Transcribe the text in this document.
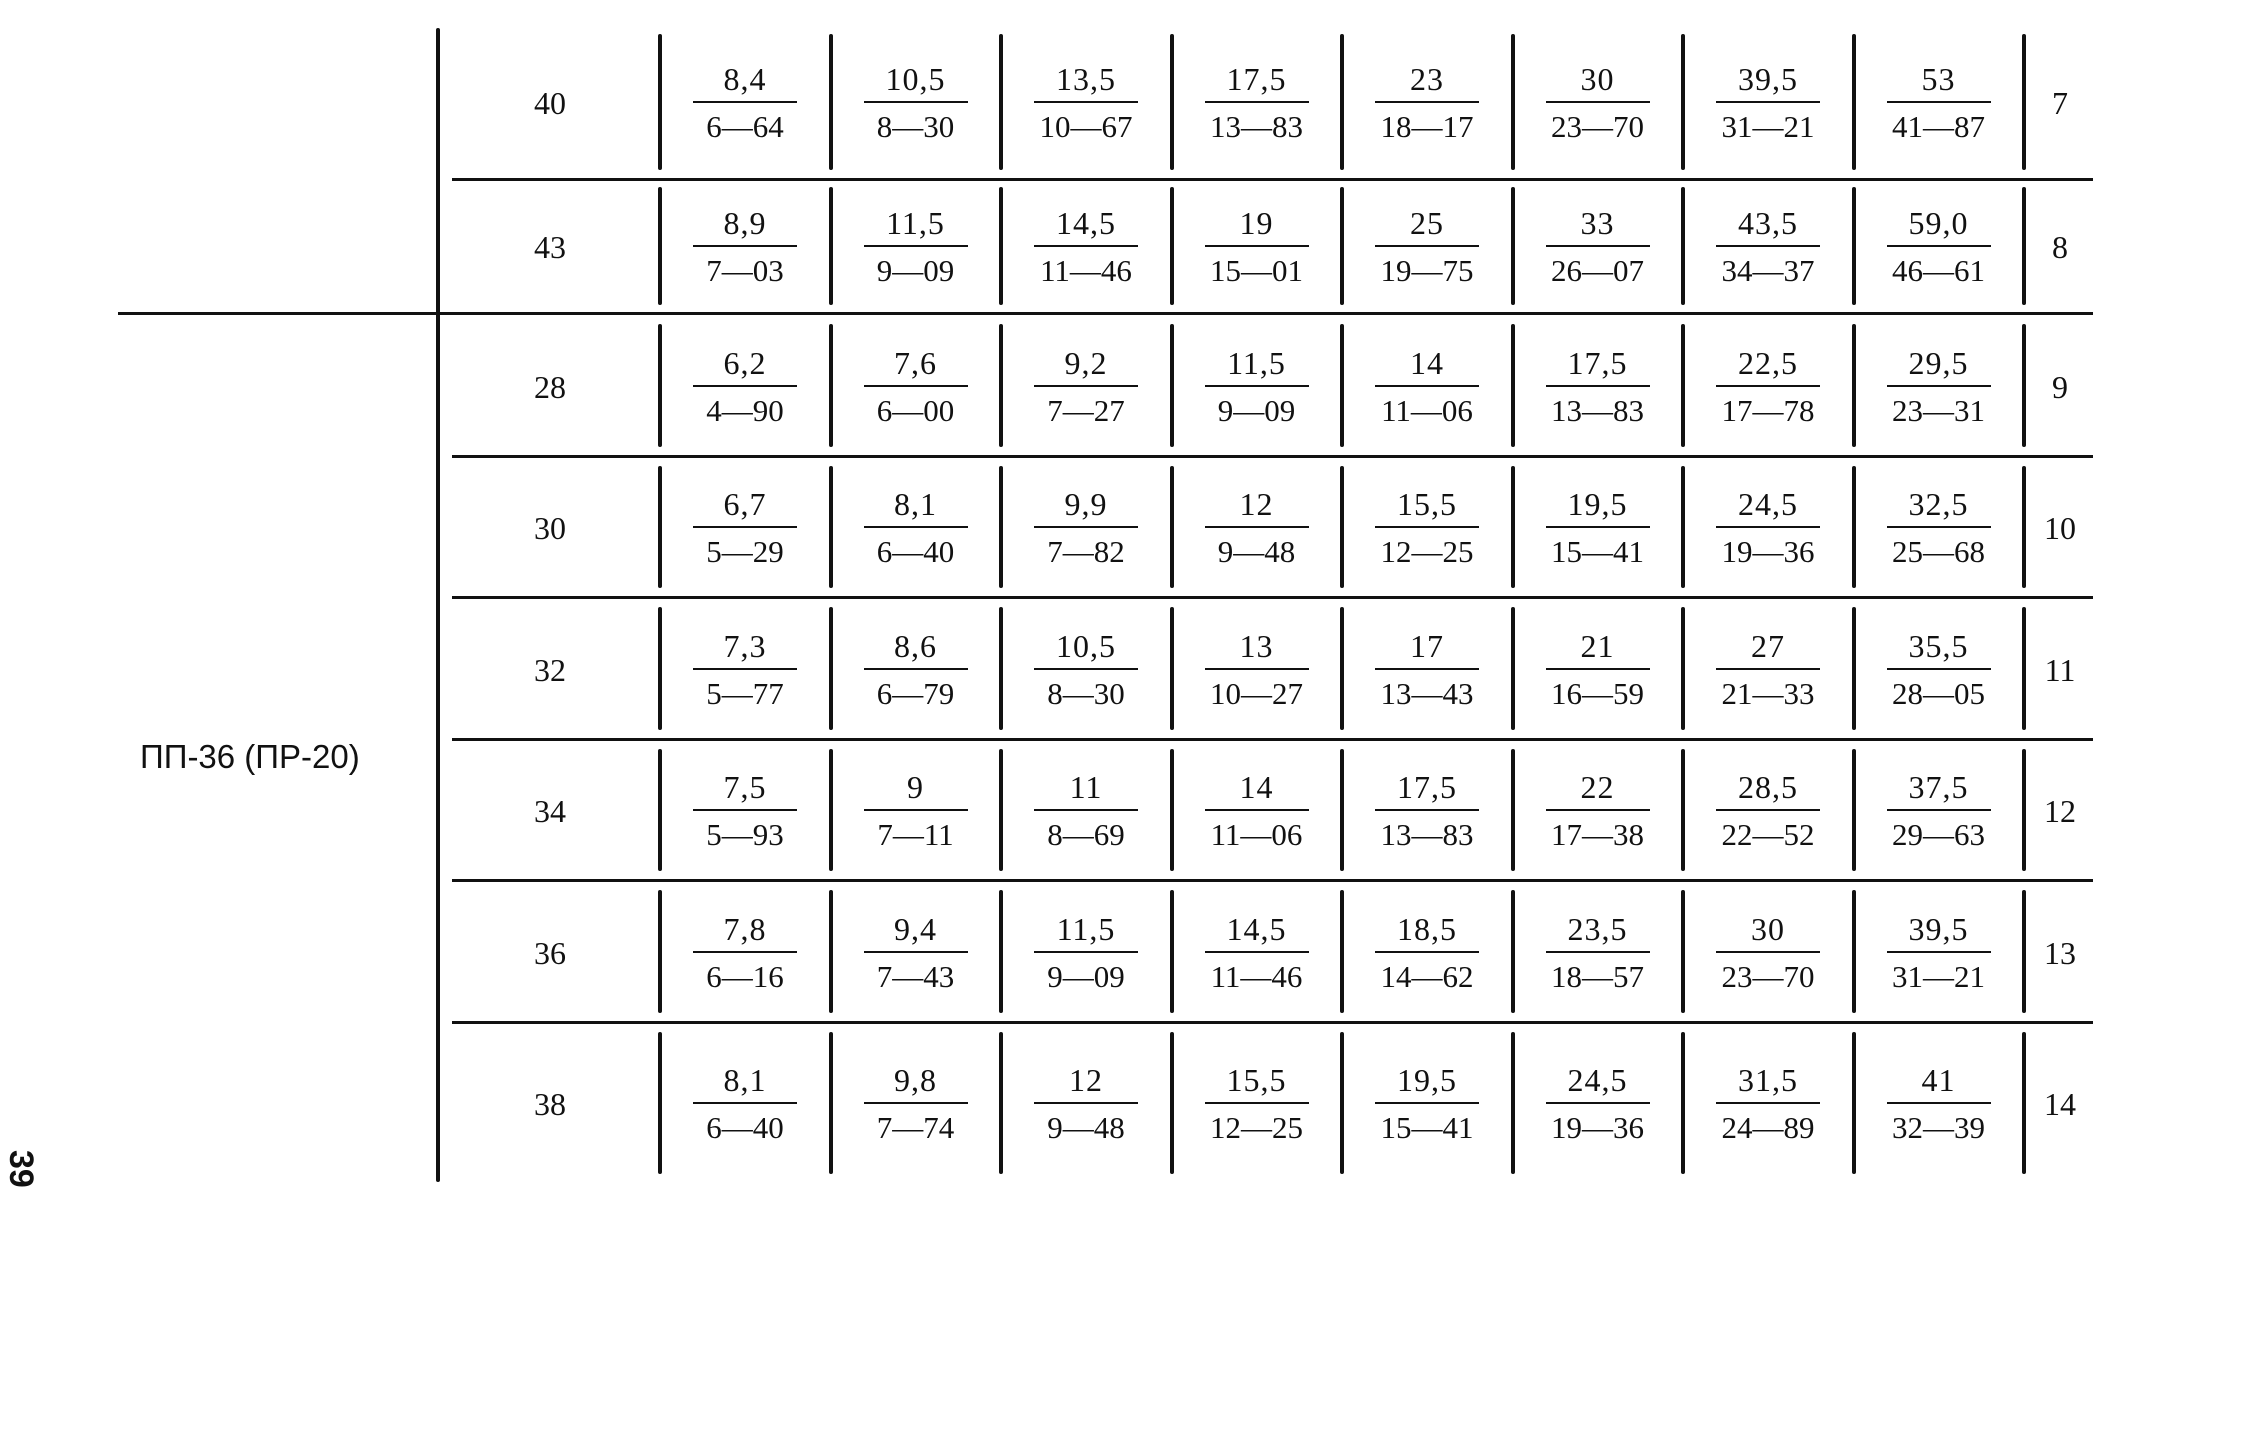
ПП-36 (ПР-20)
39
40
8,4
6—64
10,5
8—30
13,5
10—67
17,5
13—83
23
18—17
30
23—70
39,5
31—21
53
41—87
7
43
8,9
7—03
11,5
9—09
14,5
11—46
19
15—01
25
19—75
33
26—07
43,5
34—37
59,0
46—61
8
28
6,2
4—90
7,6
6—00
9,2
7—27
11,5
9—09
14
11—06
17,5
13—83
22,5
17—78
29,5
23—31
9
30
6,7
5—29
8,1
6—40
9,9
7—82
12
9—48
15,5
12—25
19,5
15—41
24,5
19—36
32,5
25—68
10
32
7,3
5—77
8,6
6—79
10,5
8—30
13
10—27
17
13—43
21
16—59
27
21—33
35,5
28—05
11
34
7,5
5—93
9
7—11
11
8—69
14
11—06
17,5
13—83
22
17—38
28,5
22—52
37,5
29—63
12
36
7,8
6—16
9,4
7—43
11,5
9—09
14,5
11—46
18,5
14—62
23,5
18—57
30
23—70
39,5
31—21
13
38
8,1
6—40
9,8
7—74
12
9—48
15,5
12—25
19,5
15—41
24,5
19—36
31,5
24—89
41
32—39
14
